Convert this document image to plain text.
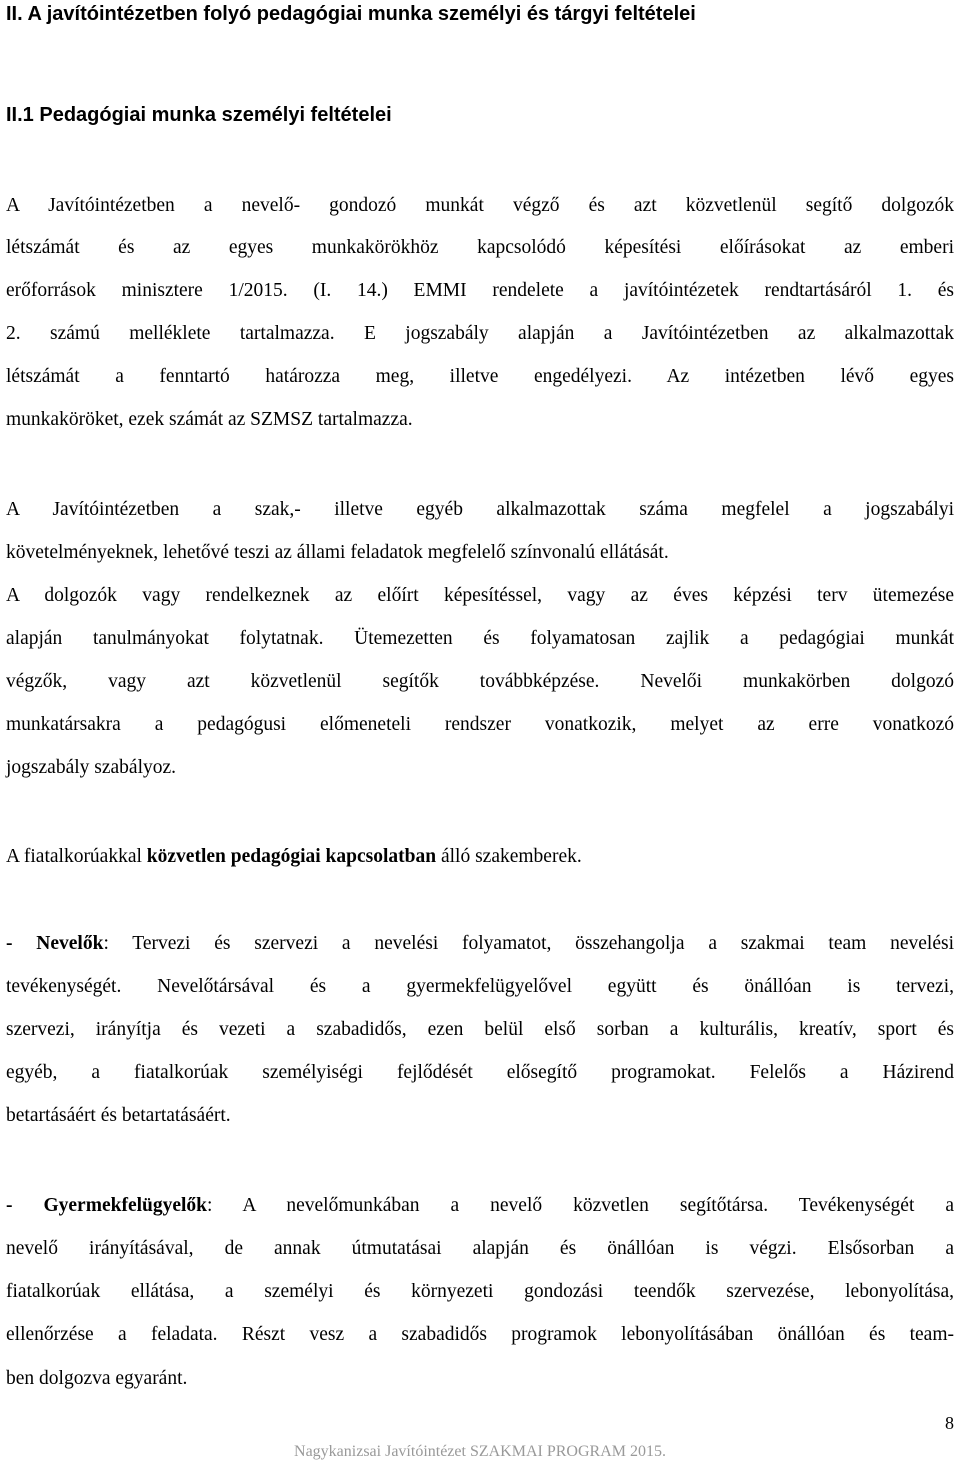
II. A javítóintézetben folyó pedagógiai munka személyi és tárgyi feltételei
II.1 Pedagógiai munka személyi feltételei
A Javítóintézetben a nevelő- gondozó munkát végző és azt közvetlenül segítő dolgozók
létszámát és az egyes munkakörökhöz kapcsolódó képesítési előírásokat az emberi
erőforrások minisztere 1/2015. (I. 14.) EMMI rendelete a javítóintézetek rendtartásáról 1. és
2. számú melléklete tartalmazza. E jogszabály alapján a Javítóintézetben az alkalmazottak
létszámát a fenntartó határozza meg, illetve engedélyezi. Az intézetben lévő egyes
munkaköröket, ezek számát az SZMSZ tartalmazza.
A Javítóintézetben a szak,- illetve egyéb alkalmazottak száma megfelel a jogszabályi
követelményeknek, lehetővé teszi az állami feladatok megfelelő színvonalú ellátását.
A dolgozók vagy rendelkeznek az előírt képesítéssel, vagy az éves képzési terv ütemezése
alapján tanulmányokat folytatnak. Ütemezetten és folyamatosan zajlik a pedagógiai munkát
végzők, vagy azt közvetlenül segítők továbbképzése. Nevelői munkakörben dolgozó
munkatársakra a pedagógusi előmeneteli rendszer vonatkozik, melyet az erre vonatkozó
jogszabály szabályoz.
A fiatalkorúakkal közvetlen pedagógiai kapcsolatban álló szakemberek.
- Nevelők: Tervezi és szervezi a nevelési folyamatot, összehangolja a szakmai team nevelési
tevékenységét. Nevelőtársával és a gyermekfelügyelővel együtt és önállóan is tervezi,
szervezi, irányítja és vezeti a szabadidős, ezen belül első sorban a kulturális, kreatív, sport és
egyéb, a fiatalkorúak személyiségi fejlődését elősegítő programokat. Felelős a Házirend
betartásáért és betartatásáért.
- Gyermekfelügyelők: A nevelőmunkában a nevelő közvetlen segítőtársa. Tevékenységét a
nevelő irányításával, de annak útmutatásai alapján és önállóan is végzi. Elsősorban a
fiatalkorúak ellátása, a személyi és környezeti gondozási teendők szervezése, lebonyolítása,
ellenőrzése a feladata. Részt vesz a szabadidős programok lebonyolításában önállóan és team-
ben dolgozva egyaránt.
8
Nagykanizsai Javítóintézet SZAKMAI PROGRAM 2015.
